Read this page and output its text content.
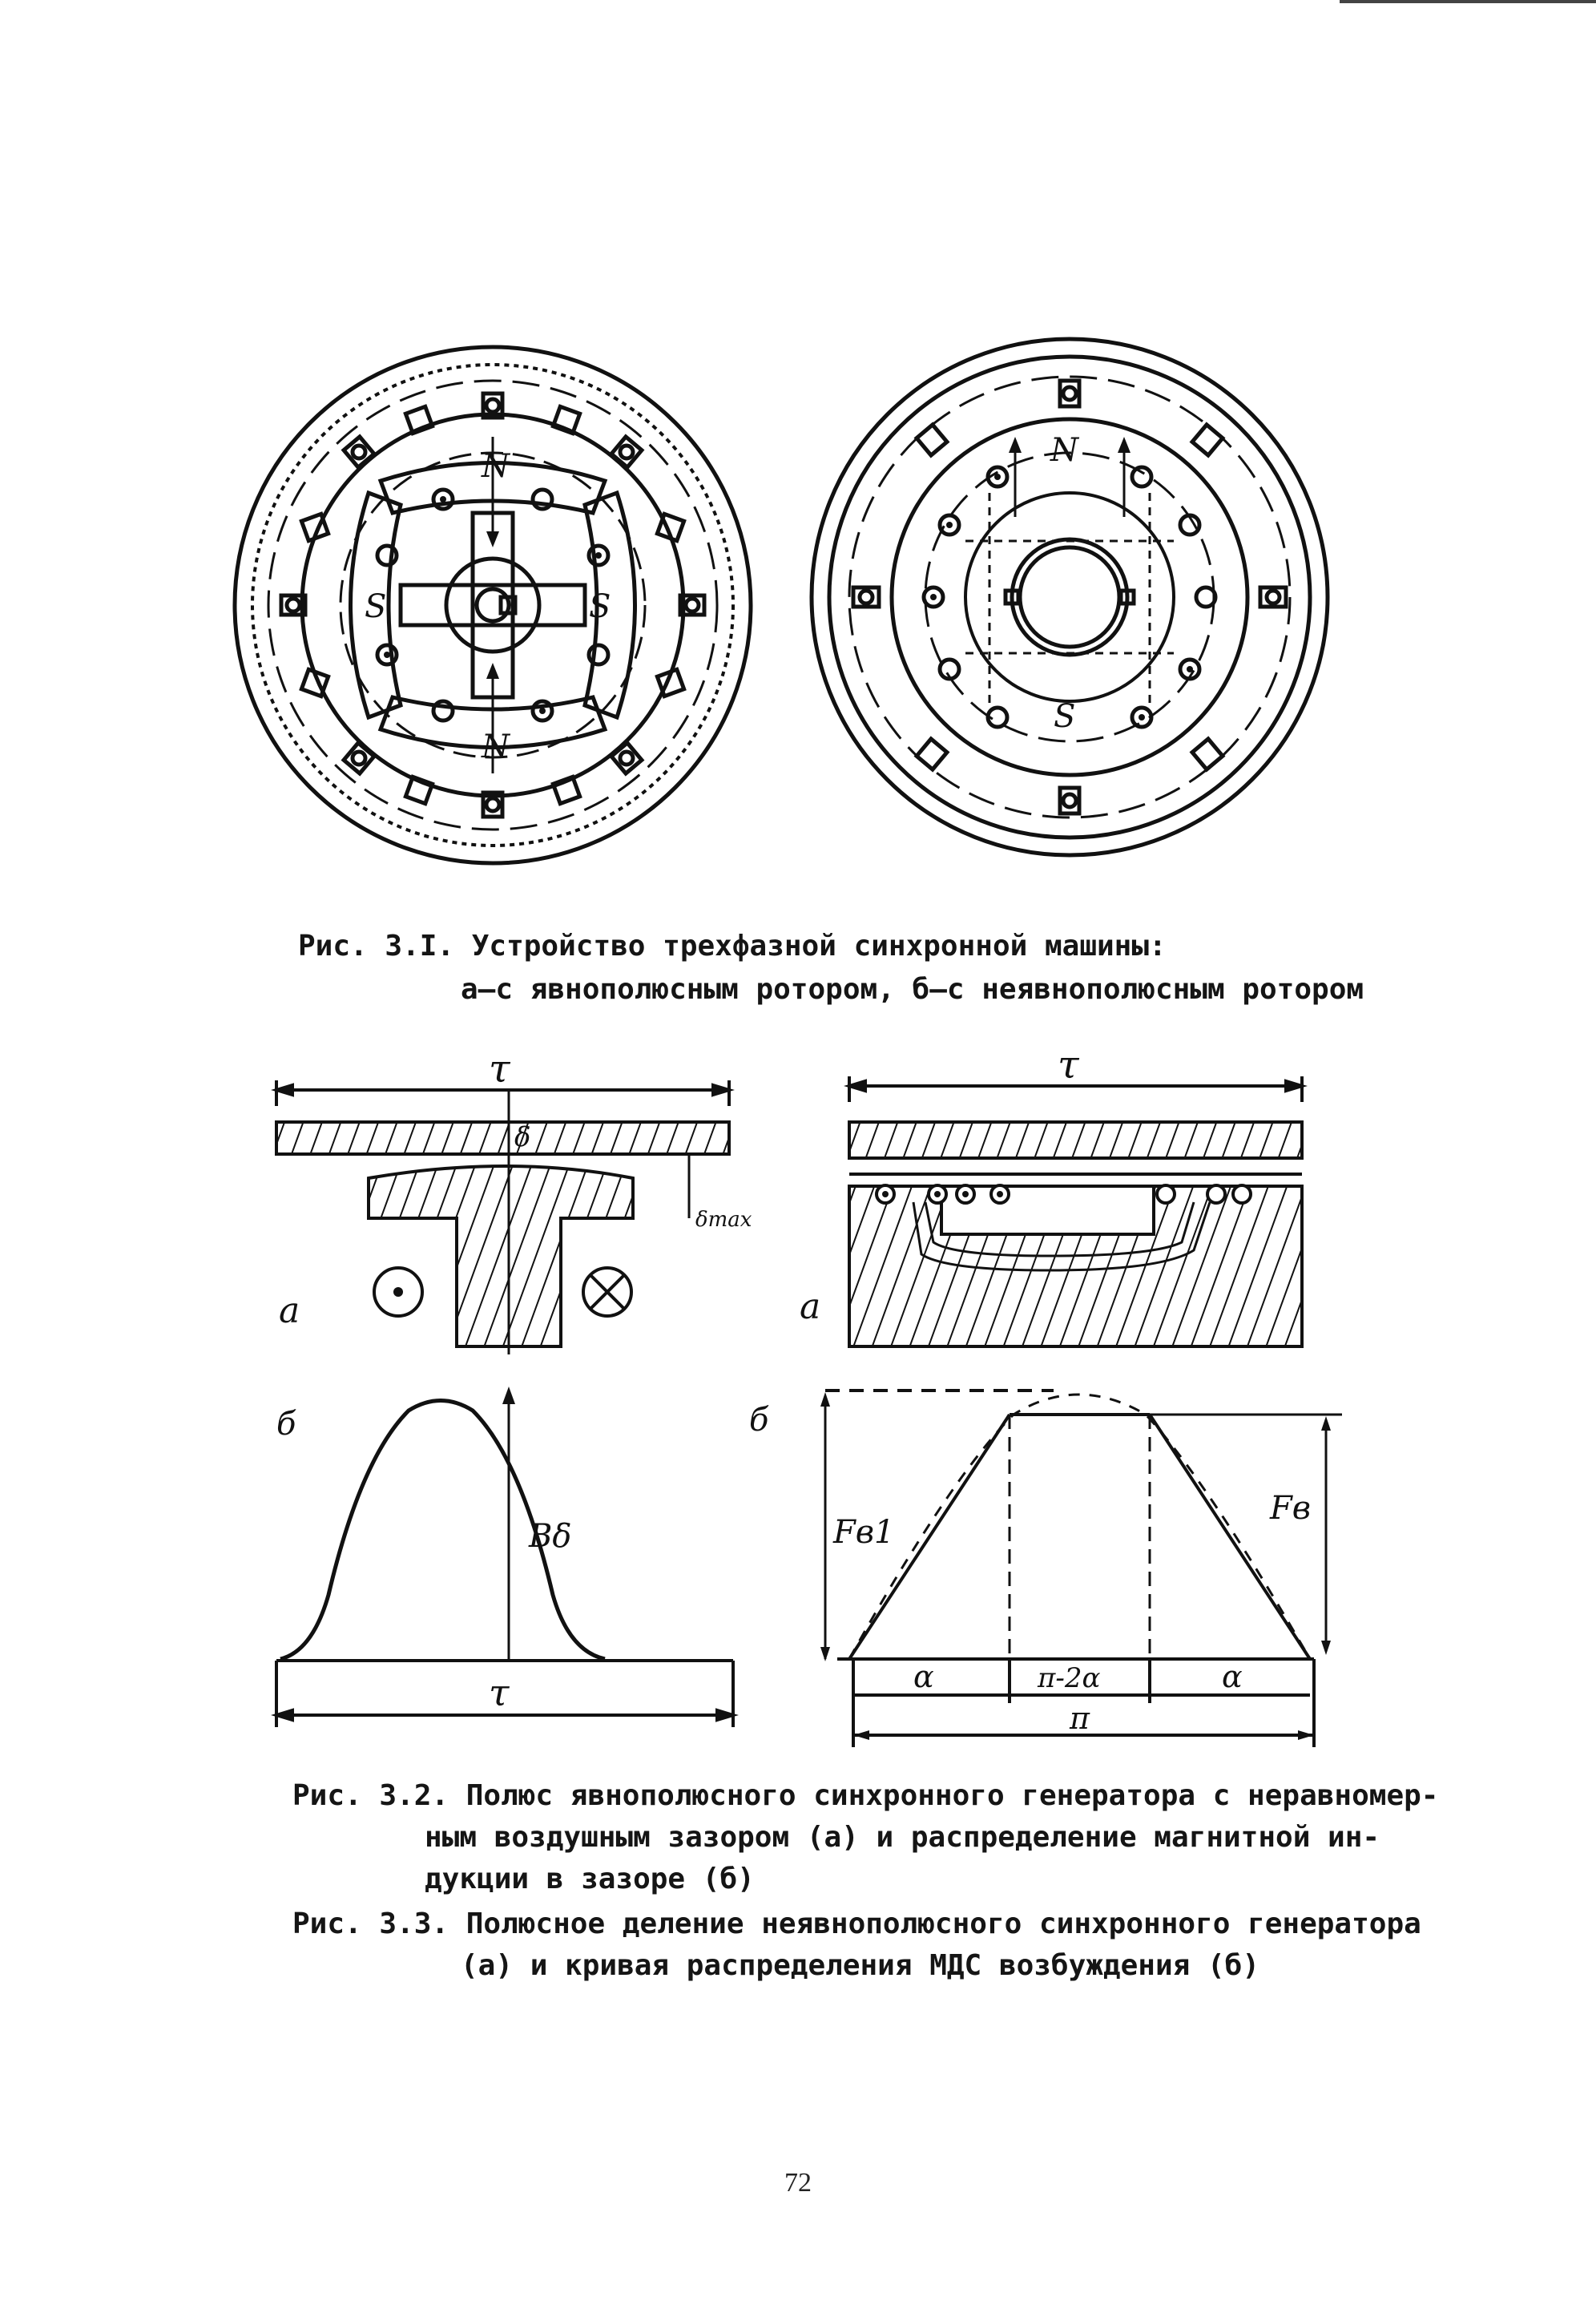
N
S	S
N
N
S
τ
δ
δmax
а
τ
а
б
Bδ
τ
б
Fв1
Fв
α	π-2α	α
π
Рис. 3.I. Устройство трехфазной синхронной машины:
а–с явнополюсным ротором, б–с неявнополюсным ротором
Рис. 3.2. Полюс явнополюсного синхронного генератора с неравномер-
ным воздушным зазором (а) и распределение магнитной ин-
дукции в зазоре (б)
Рис. 3.3. Полюсное деление неявнополюсного синхронного генератора
(а) и кривая распределения МДС возбуждения (б)
72
